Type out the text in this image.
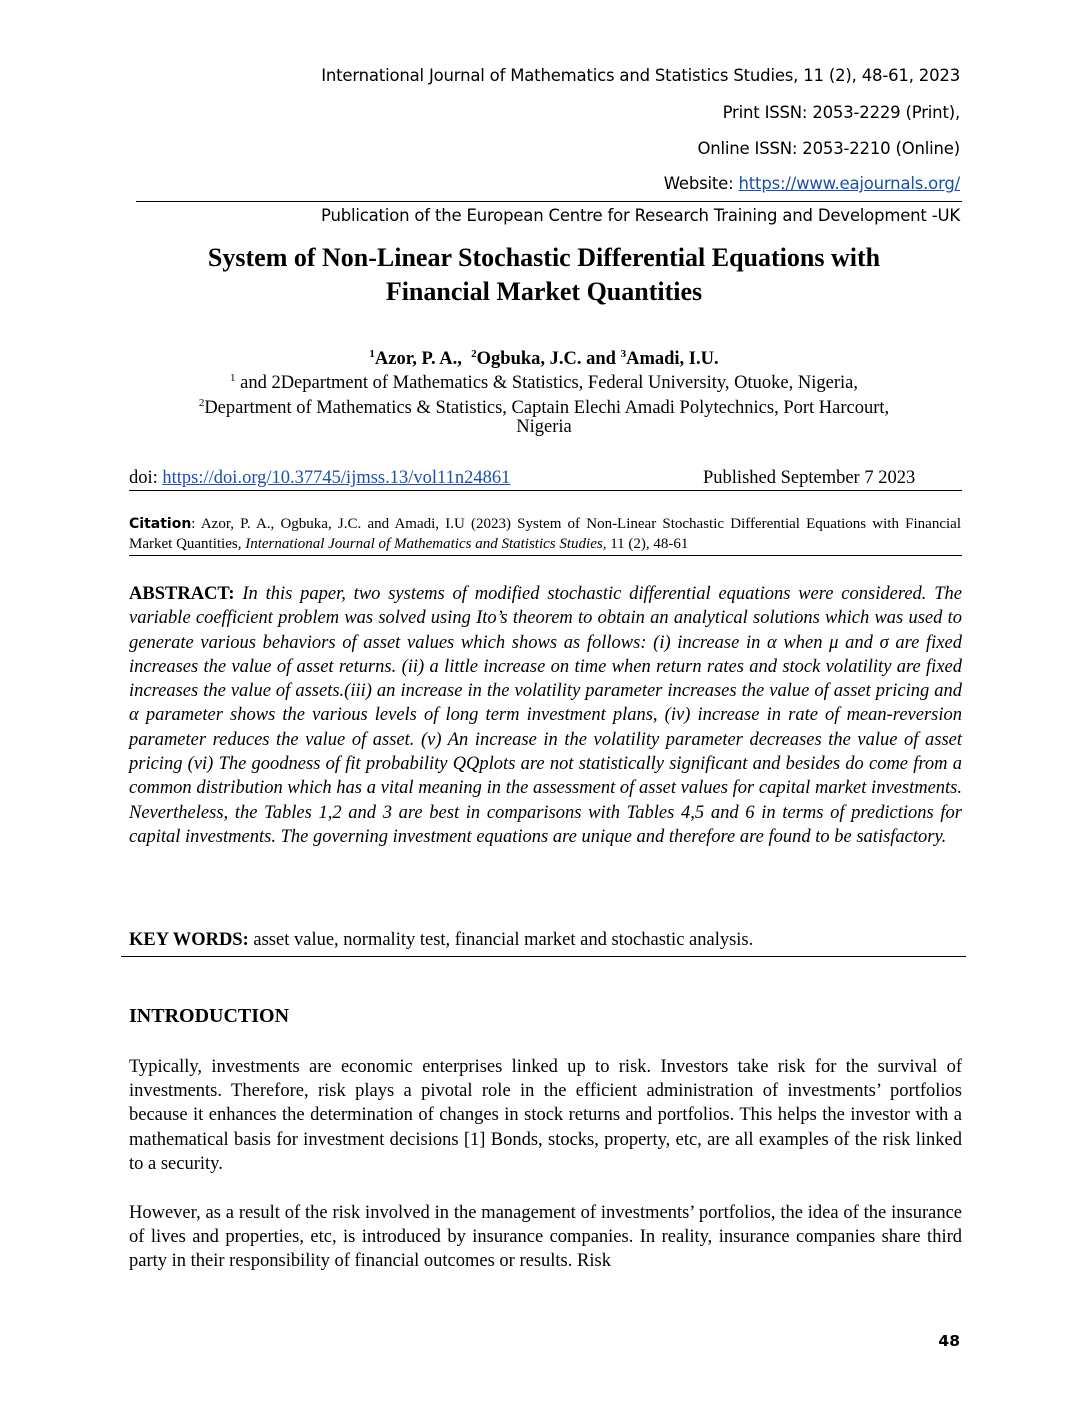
International Journal of Mathematics and Statistics Studies, 11 (2), 48-61, 2023
Print ISSN: 2053-2229 (Print),
Online ISSN: 2053-2210 (Online)
Website: https://www.eajournals.org/
Publication of the European Centre for Research Training and Development -UK
System of Non-Linear Stochastic Differential Equations with
Financial Market Quantities
$^1$Azor, P. A., $^2$Ogbuka, J.C. and $^3$Amadi, I.U.
$^1$ and 2Department of Mathematics & Statistics, Federal University, Otuoke, Nigeria,
$^2$Department of Mathematics & Statistics, Captain Elechi Amadi Polytechnics, Port Harcourt,
Nigeria
doi: https://doi.org/10.37745/ijmss.13/vol11n24861	Published September 7 2023
Citation: Azor, P. A., Ogbuka, J.C. and Amadi, I.U (2023) System of Non-Linear Stochastic Differential Equations with Financial Market Quantities, International Journal of Mathematics and Statistics Studies, 11 (2), 48-61
ABSTRACT: In this paper, two systems of modified stochastic differential equations were considered. The variable coefficient problem was solved using Ito’s theorem to obtain an analytical solutions which was used to generate various behaviors of asset values which shows as follows: (i) increase in α when μ and σ are fixed increases the value of asset returns. (ii) a little increase on time when return rates and stock volatility are fixed increases the value of assets.(iii) an increase in the volatility parameter increases the value of asset pricing and α parameter shows the various levels of long term investment plans, (iv) increase in rate of mean-reversion parameter reduces the value of asset. (v) An increase in the volatility parameter decreases the value of asset pricing (vi) The goodness of fit probability QQplots are not statistically significant and besides do come from a common distribution which has a vital meaning in the assessment of asset values for capital market investments. Nevertheless, the Tables 1,2 and 3 are best in comparisons with Tables 4,5 and 6 in terms of predictions for capital investments. The governing investment equations are unique and therefore are found to be satisfactory.
KEY WORDS: asset value, normality test, financial market and stochastic analysis.
INTRODUCTION
Typically, investments are economic enterprises linked up to risk. Investors take risk for the survival of investments. Therefore, risk plays a pivotal role in the efficient administration of investments’ portfolios because it enhances the determination of changes in stock returns and portfolios. This helps the investor with a mathematical basis for investment decisions [1] Bonds, stocks, property, etc, are all examples of the risk linked to a security.
However, as a result of the risk involved in the management of investments’ portfolios, the idea of the insurance of lives and properties, etc, is introduced by insurance companies. In reality, insurance companies share third party in their responsibility of financial outcomes or results. Risk
48
